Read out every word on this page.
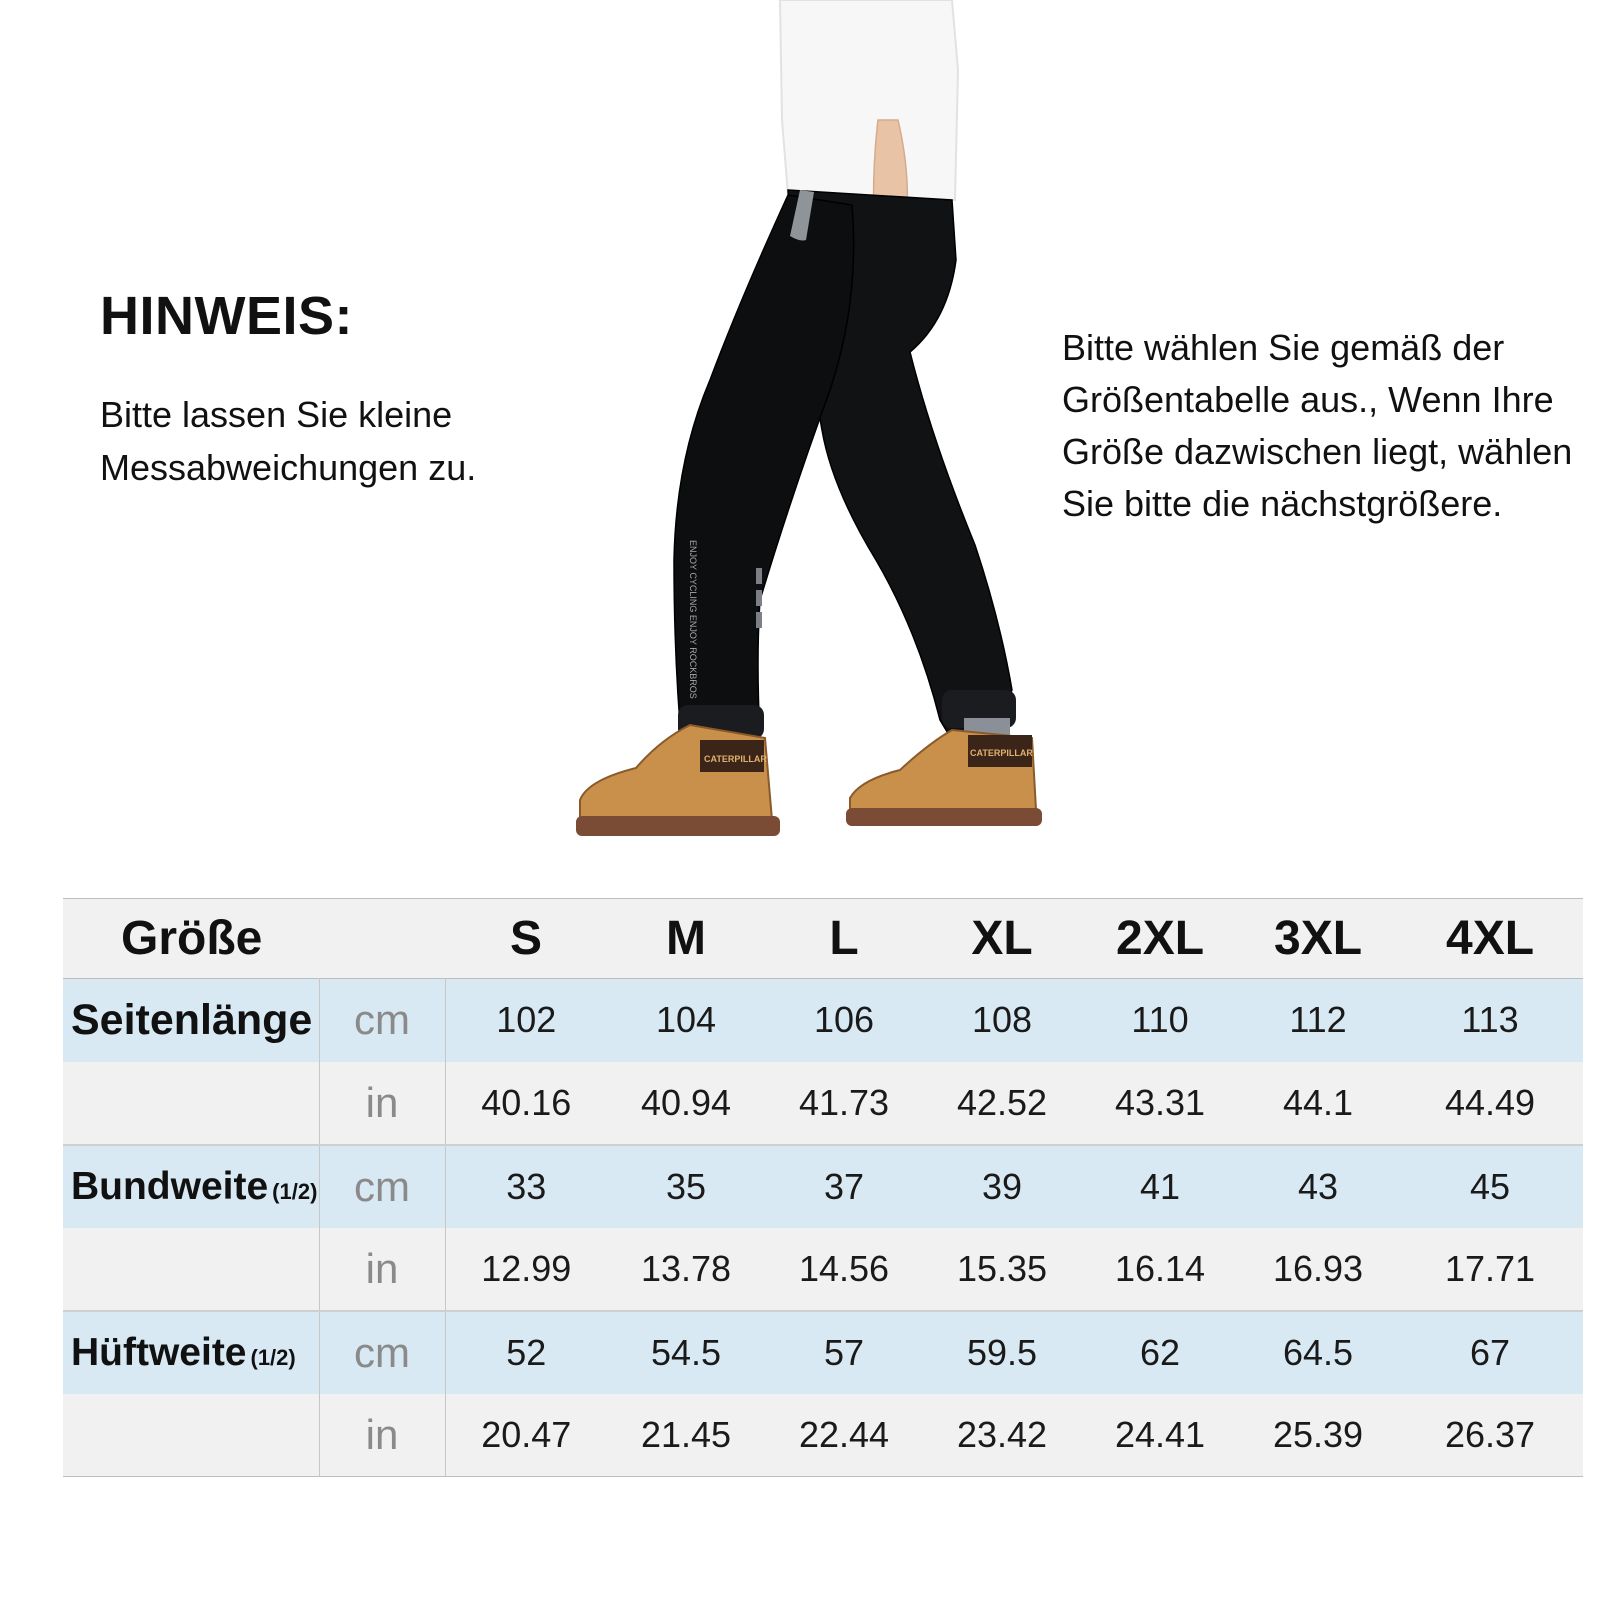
HINWEIS:

Bitte lassen Sie kleine Messabweichungen zu.

Bitte wählen Sie gemäß der Größentabelle aus., Wenn Ihre Größe dazwischen liegt, wählen Sie bitte die nächstgrößere.

ENJOY CYCLING ENJOY ROCKBROS
CATERPILLAR
CATERPILLAR
Größe		S	M	L	XL	2XL	3XL	4XL
Seitenlänge	cm	102	104	106	108	110	112	113
	in	40.16	40.94	41.73	42.52	43.31	44.1	44.49
Bundweite (1/2)	cm	33	35	37	39	41	43	45
	in	12.99	13.78	14.56	15.35	16.14	16.93	17.71
Hüftweite (1/2)	cm	52	54.5	57	59.5	62	64.5	67
	in	20.47	21.45	22.44	23.42	24.41	25.39	26.37
